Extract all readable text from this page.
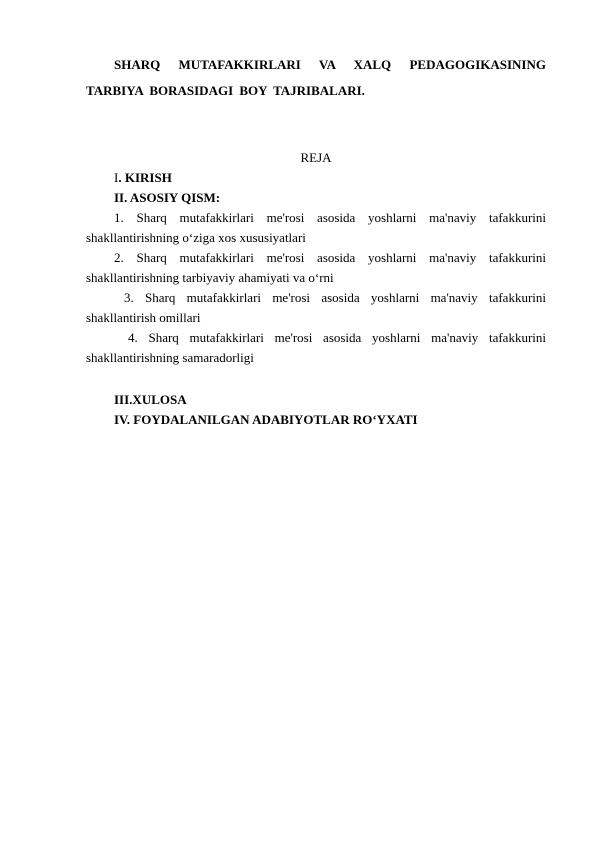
SHARQ MUTAFAKKIRLARI VA XALQ PEDAGOGIKASINING TARBIYA BORASIDAGI BOY TAJRIBALARI.

REJA

I. KIRISH

II. ASOSIY QISM:

1. Sharq mutafakkirlari me'rosi asosida yoshlarni ma'naviy tafakkurini shakllantirishning o‘ziga xos xususiyatlari

2. Sharq mutafakkirlari me'rosi asosida yoshlarni ma'naviy tafakkurini shakllantirishning tarbiyaviy ahamiyati va o‘rni

3. Sharq mutafakkirlari me'rosi asosida yoshlarni ma'naviy tafakkurini shakllantirish omillari

4. Sharq mutafakkirlari me'rosi asosida yoshlarni ma'naviy tafakkurini shakllantirishning samaradorligi

III.XULOSA

IV. FOYDALANILGAN ADABIYOTLAR RO‘YXATI
